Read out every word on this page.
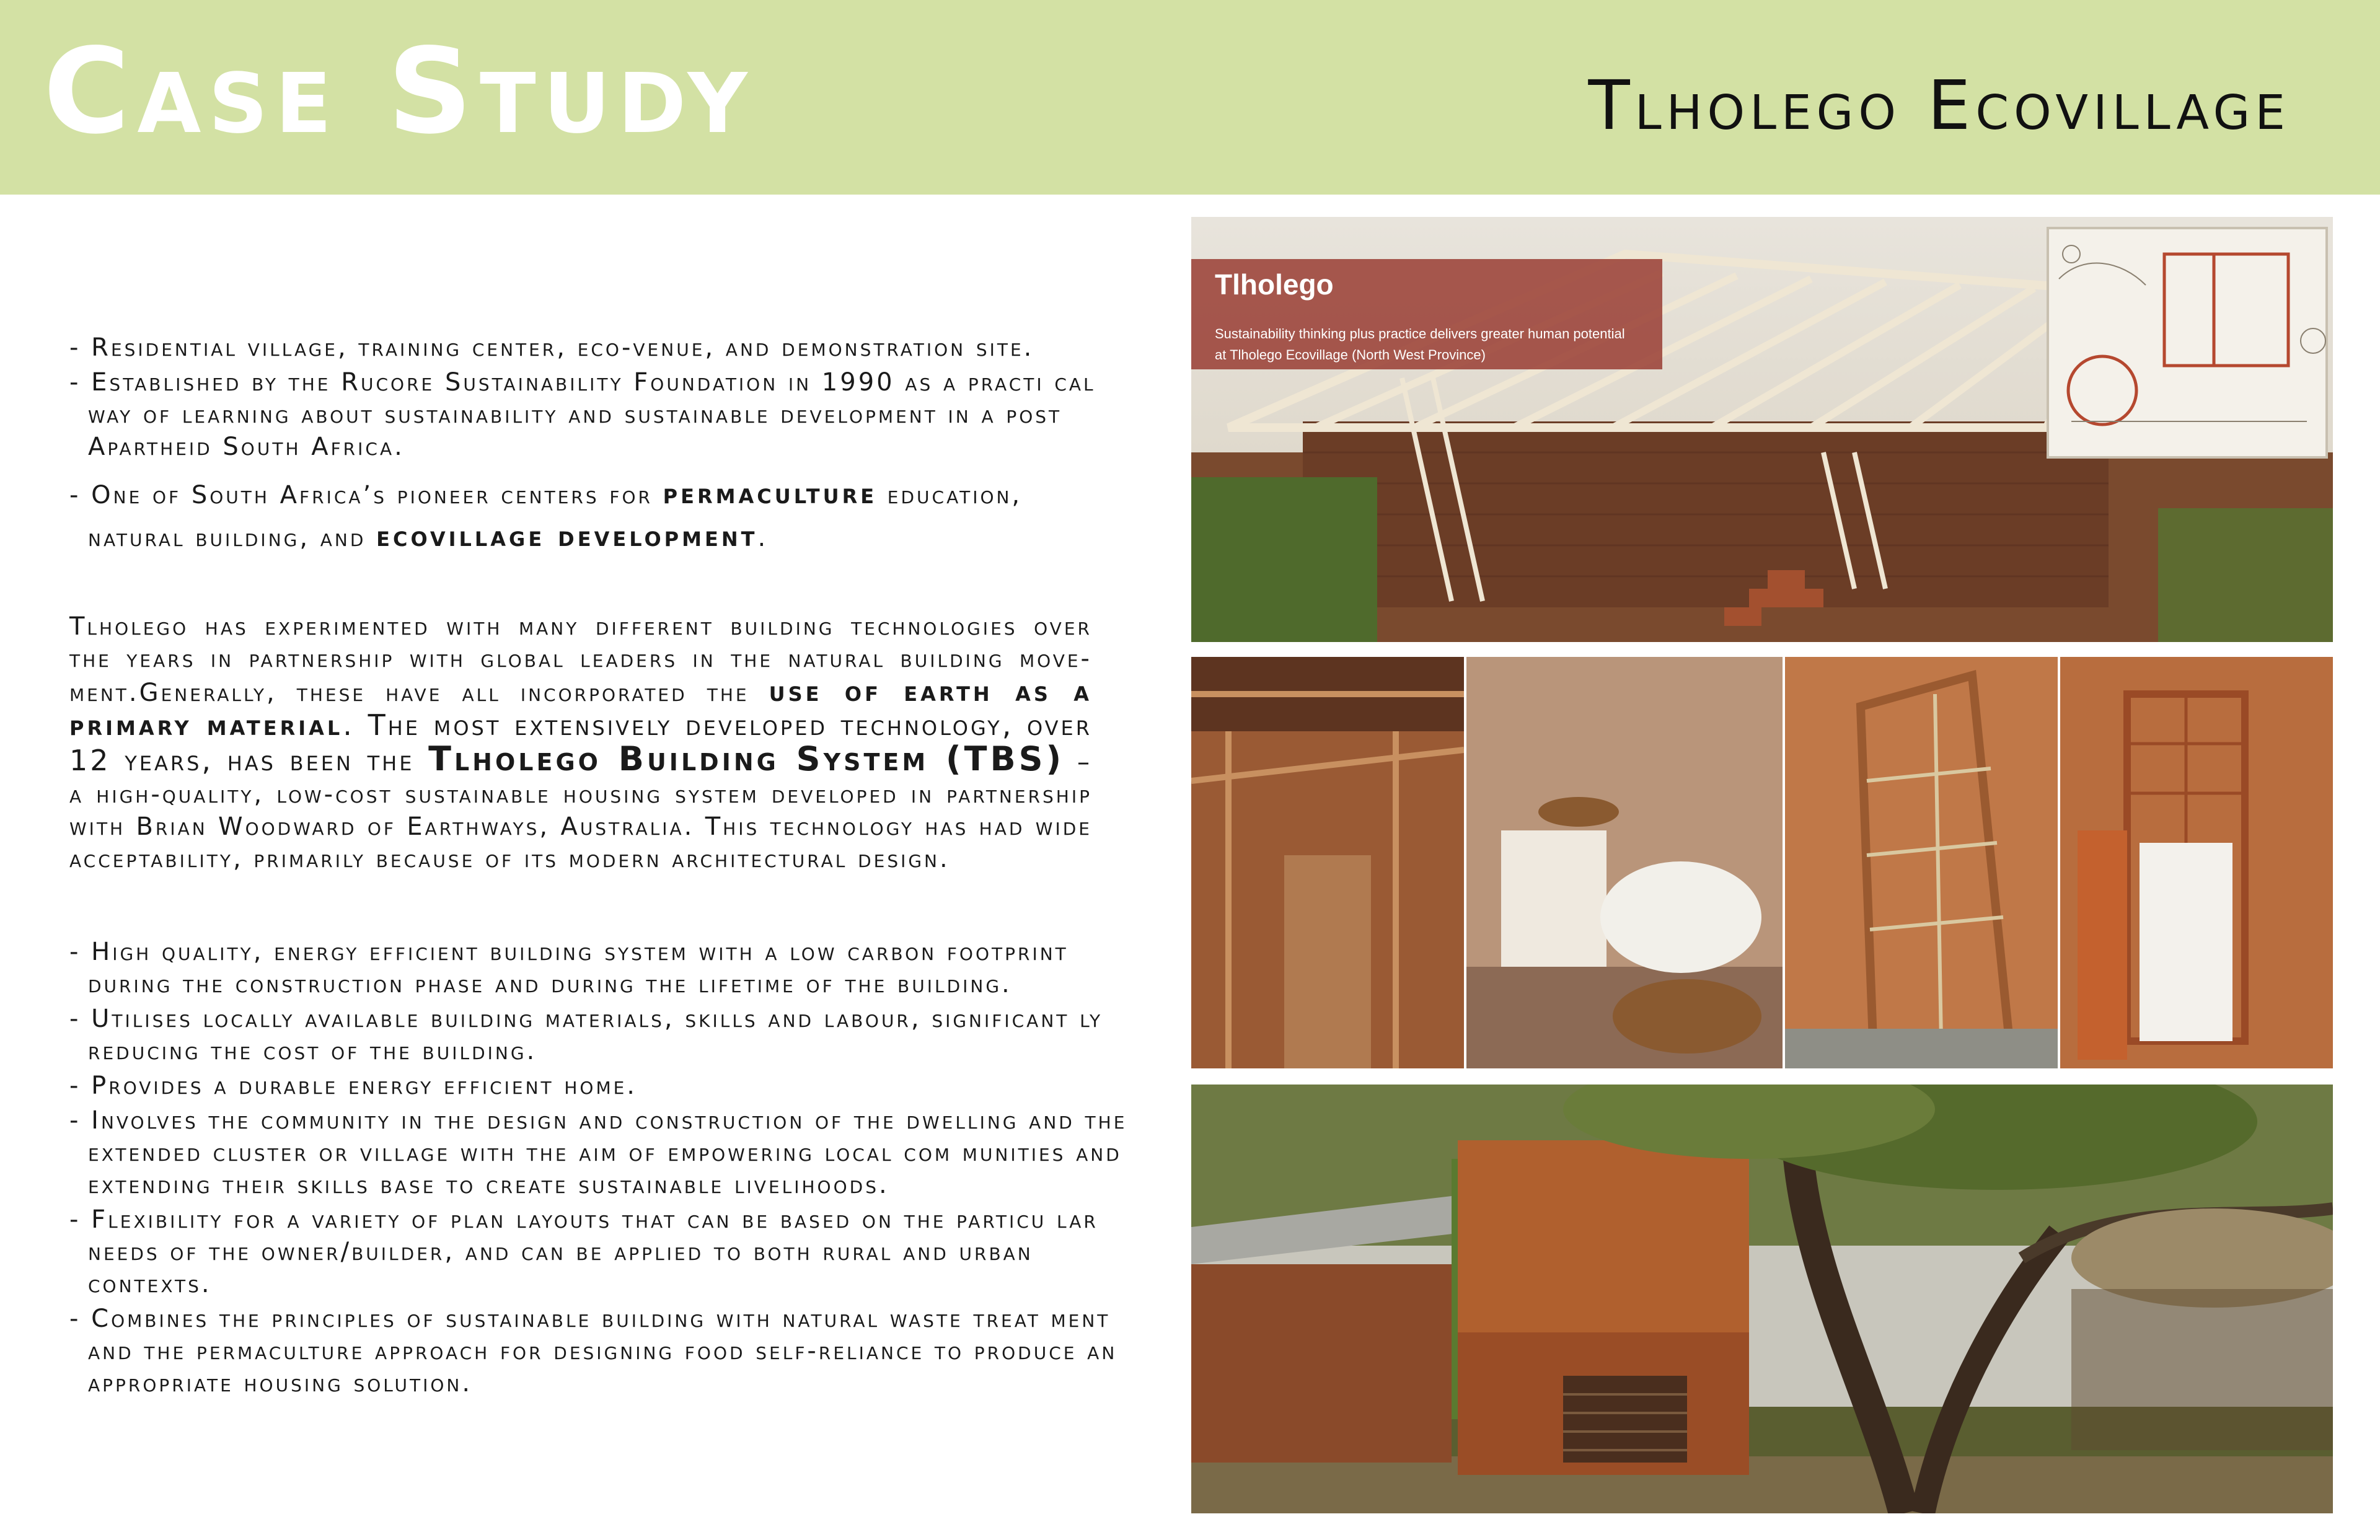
Case Study	Tlholego Ecovillage

- Residential village, training center, eco-venue, and demonstration site.

- Established by the Rucore Sustainability Foundation in 1990 as a practi cal way of learning about sustainability and sustainable development in a post Apartheid South Africa.

- One of South Africa’s pioneer centers for permaculture education, natural building, and ecovillage development.

Tlholego has experimented with many different building technologies over the years in partnership with global leaders in the natural building move- ment.Generally, these have all incorporated the use of earth as a primary material. The most extensively developed technology, over 12 years, has been the Tlholego Building System (TBS) – a high-quality, low-cost sustainable housing system developed in partnership with Brian Woodward of Earthways, Australia. This technology has had wide acceptability, primarily because of its modern architectural design.

- High quality, energy efficient building system with a low carbon footprint during the construction phase and during the lifetime of the building.

- Utilises locally available building materials, skills and labour, significant ly reducing the cost of the building.

- Provides a durable energy efficient home.

- Involves the community in the design and construction of the dwelling and the extended cluster or village with the aim of empowering local com munities and extending their skills base to create sustainable livelihoods.

- Flexibility for a variety of plan layouts that can be based on the particu lar needs of the owner/builder, and can be applied to both rural and urban contexts.

- Combines the principles of sustainable building with natural waste treat ment and the permaculture approach for designing food self-reliance to produce an appropriate housing solution.

Tlholego
Sustainability thinking plus practice delivers greater human potential at Tlholego Ecovillage (North West Province)
